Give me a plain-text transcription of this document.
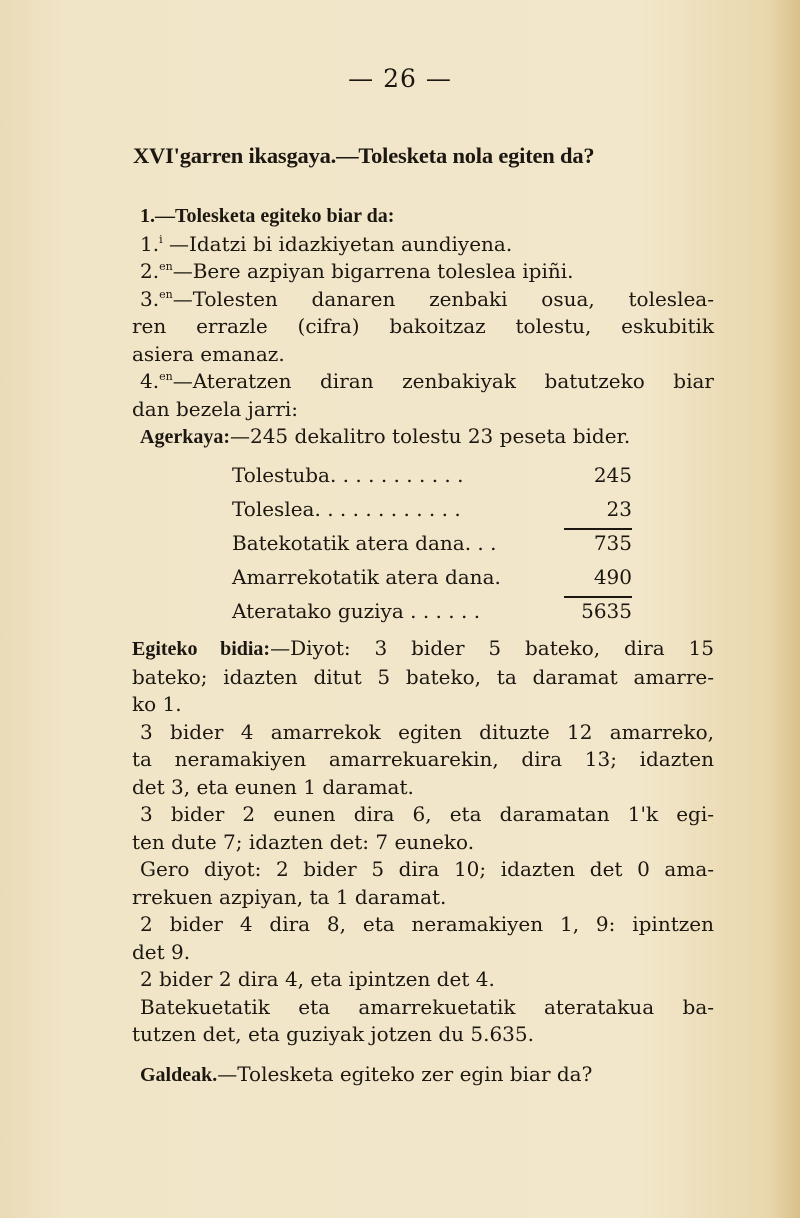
— 26 —
XVI'garren ikasgaya.—Tolesketa nola egiten da?
1.—Tolesketa egiteko biar da:
1.$^i$ —Idatzi bi idazkiyetan aundiyena.
2.$^{en}$—Bere azpiyan bigarrena toleslea ipiñi.
3.$^{en}$—Tolesten danaren zenbaki osua, toleslea-
ren errazle (cifra) bakoitzaz tolestu, eskubitik
asiera emanaz.
4.$^{en}$—Ateratzen diran zenbakiyak batutzeko biar
dan bezela jarri:
Agerkaya:—245 dekalitro tolestu 23 peseta bider.
Tolestuba. . . . . . . . . . .	245
Toleslea. . . . . . . . . . . .	23
Batekotatik atera dana. . .	735
Amarrekotatik atera dana.	490
Ateratako guziya . . . . . .	5635
Egiteko bidia:—Diyot: 3 bider 5 bateko, dira 15
bateko; idazten ditut 5 bateko, ta daramat amarre-
ko 1.
3 bider 4 amarrekok egiten dituzte 12 amarreko,
ta neramakiyen amarrekuarekin, dira 13; idazten
det 3, eta eunen 1 daramat.
3 bider 2 eunen dira 6, eta daramatan 1'k egi-
ten dute 7; idazten det: 7 euneko.
Gero diyot: 2 bider 5 dira 10; idazten det 0 ama-
rrekuen azpiyan, ta 1 daramat.
2 bider 4 dira 8, eta neramakiyen 1, 9: ipintzen
det 9.
2 bider 2 dira 4, eta ipintzen det 4.
Batekuetatik eta amarrekuetatik ateratakua ba-
tutzen det, eta guziyak jotzen du 5.635.
Galdeak.—Tolesketa egiteko zer egin biar da?
